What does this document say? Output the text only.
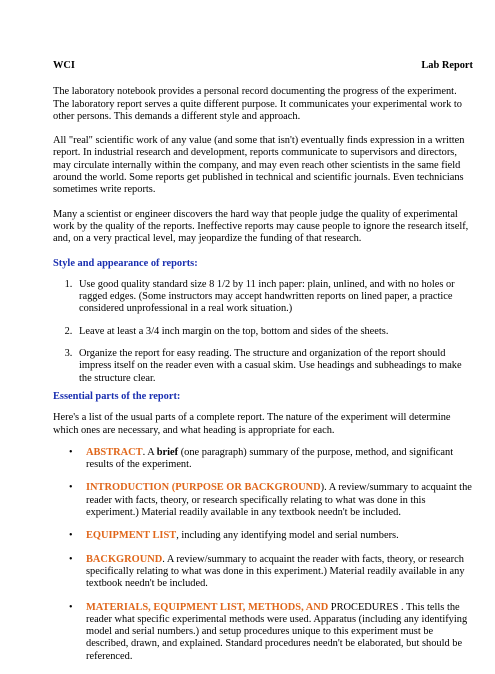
WCI	Lab Report

The laboratory notebook provides a personal record documenting the progress of the experiment. The laboratory report serves a quite different purpose. It communicates your experimental work to other persons. This demands a different style and approach.

All "real" scientific work of any value (and some that isn't) eventually finds expression in a written report. In industrial research and development, reports communicate to supervisors and directors, may circulate internally within the company, and may even reach other scientists in the same field around the world. Some reports get published in technical and scientific journals. Even technicians sometimes write reports.

Many a scientist or engineer discovers the hard way that people judge the quality of experimental work by the quality of the reports. Ineffective reports may cause people to ignore the research itself, and, on a very practical level, may jeopardize the funding of that research.

Style and appearance of reports:
1. Use good quality standard size 8 1/2 by 11 inch paper: plain, unlined, and with no holes or ragged edges. (Some instructors may accept handwritten reports on lined paper, a practice considered unprofessional in a real work situation.)
2. Leave at least a 3/4 inch margin on the top, bottom and sides of the sheets.
3. Organize the report for easy reading. The structure and organization of the report should impress itself on the reader even with a casual skim. Use headings and subheadings to make the structure clear.
Essential parts of the report:

Here's a list of the usual parts of a complete report. The nature of the experiment will determine which ones are necessary, and what heading is appropriate for each.

• ABSTRACT. A brief (one paragraph) summary of the purpose, method, and significant results of the experiment.
• INTRODUCTION (PURPOSE OR BACKGROUND). A review/summary to acquaint the reader with facts, theory, or research specifically relating to what was done in this experiment.) Material readily available in any textbook needn't be included.
• EQUIPMENT LIST, including any identifying model and serial numbers.
• BACKGROUND. A review/summary to acquaint the reader with facts, theory, or research specifically relating to what was done in this experiment.) Material readily available in any textbook needn't be included.
• MATERIALS, EQUIPMENT LIST, METHODS, AND PROCEDURES . This tells the reader what specific experimental methods were used. Apparatus (including any identifying model and serial numbers.) and setup procedures unique to this experiment must be described, drawn, and explained. Standard procedures needn't be elaborated, but should be referenced.
